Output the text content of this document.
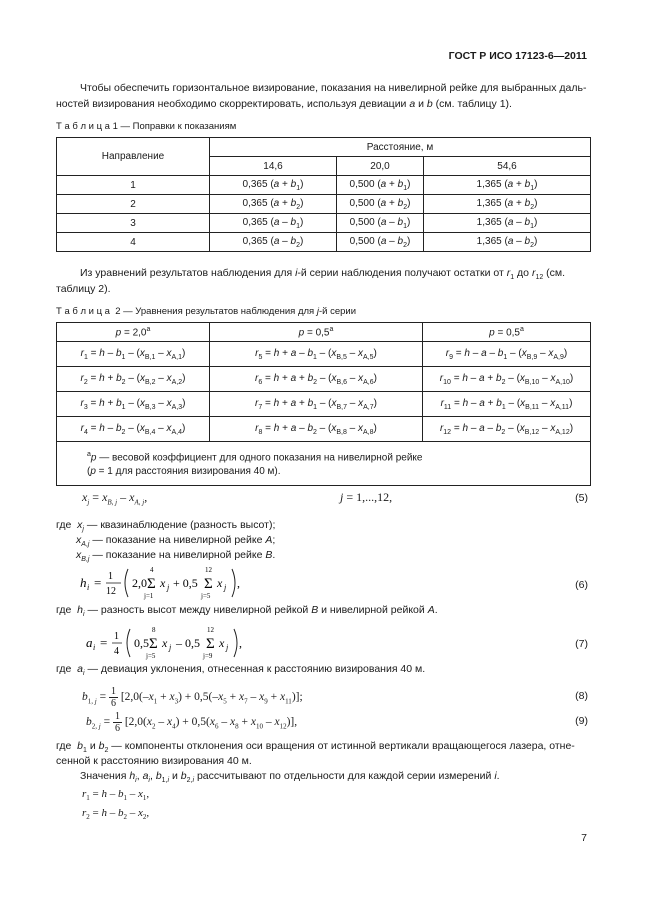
ГОСТ Р ИСО 17123-6—2011
Чтобы обеспечить горизонтальное визирование, показания на нивелирной рейке для выбранных даль-
ностей визирования необходимо скорректировать, используя девиации a и b (см. таблицу 1).
Т а б л и ц а 1 — Поправки к показаниям
Направление	Расстояние, м		
	14,6	20,0	54,6
1	0,365 $(a + b_1)$	0,500 $(a + b_1)$	1,365 $(a + b_1)$
2	0,365 $(a + b_2)$	0,500 $(a + b_2)$	1,365 $(a + b_2)$
3	0,365 $(a - b_1)$	0,500 $(a - b_1)$	1,365 $(a - b_1)$
4	0,365 $(a - b_2)$	0,500 $(a - b_2)$	1,365 $(a - b_2)$
Из уравнений результатов наблюдения для i-й серии наблюдения получают остатки от $r_1$ до $r_{12}$ (см.
таблицу 2).
Т а б л и ц а  2 — Уравнения результатов наблюдения для j-й серии
p = 2,0$^a$	p = 0,5$^a$	p = 0,5$^a$
$r_1 = h - b_1 - (x_{B,1} - x_{A,1})$	$r_5 = h + a - b_1 - (x_{B,5} - x_{A,5})$	$r_9 = h - a - b_1 - (x_{B,9} - x_{A,9})$
$r_2 = h + b_2 - (x_{B,2} - x_{A,2})$	$r_6 = h + a + b_2 - (x_{B,6} - x_{A,6})$	$r_{10} = h - a + b_2 - (x_{B,10} - x_{A,10})$
$r_3 = h + b_1 - (x_{B,3} - x_{A,3})$	$r_7 = h + a + b_1 - (x_{B,7} - x_{A,7})$	$r_{11} = h - a + b_1 - (x_{B,11} - x_{A,11})$
$r_4 = h - b_2 - (x_{B,4} - x_{A,4})$	$r_8 = h + a - b_2 - (x_{B,8} - x_{A,8})$	$r_{12} = h - a - b_2 - (x_{B,12} - x_{A,12})$
$^a$p — весовой коэффициент для одного показания на нивелирной рейке
(p = 1 для расстояния визирования 40 м).		
$x_j = x_{B, j} - x_{A, j}$,	j = 1,...,12,	(5)
где  $x_j$ — квазинаблюдение (разность высот);
$x_{A,j}$ — показание на нивелирной рейке A;
$x_{B,j}$ — показание на нивелирной рейке B.
h i = 1
12
2,0
4
Σ
j=1
x j + 0,5
12
Σ
j=5
x j ,	(6)
где  $h_i$ — разность высот между нивелирной рейкой B и нивелирной рейкой A.
a i = 1
4
0,5
8
Σ
j=5
x j – 0,5
12
Σ
j=9
x j ,	(7)
где  $a_i$ — девиация уклонения, отнесенная к расстоянию визирования 40 м.
$b_{1, j} = 1$
6 $[2,0(-x_1 + x_3) + 0,5(-x_5 + x_7 - x_9 + x_{11})]$;	(8)
$b_{2, j} = 1$
6 $[2,0(x_2 - x_4) + 0,5(x_6 - x_8 + x_{10} - x_{12})]$,	(9)
где  $b_1$ и $b_2$ — компоненты отклонения оси вращения от истинной вертикали вращающегося лазера, отне-
сенной к расстоянию визирования 40 м.
Значения $h_i$, $a_i$, $b_{1,i}$ и $b_{2,i}$ рассчитывают по отдельности для каждой серии измерений i.
$r_1 = h - b_1 - x_1$,
$r_2 = h - b_2 - x_2$,
7
